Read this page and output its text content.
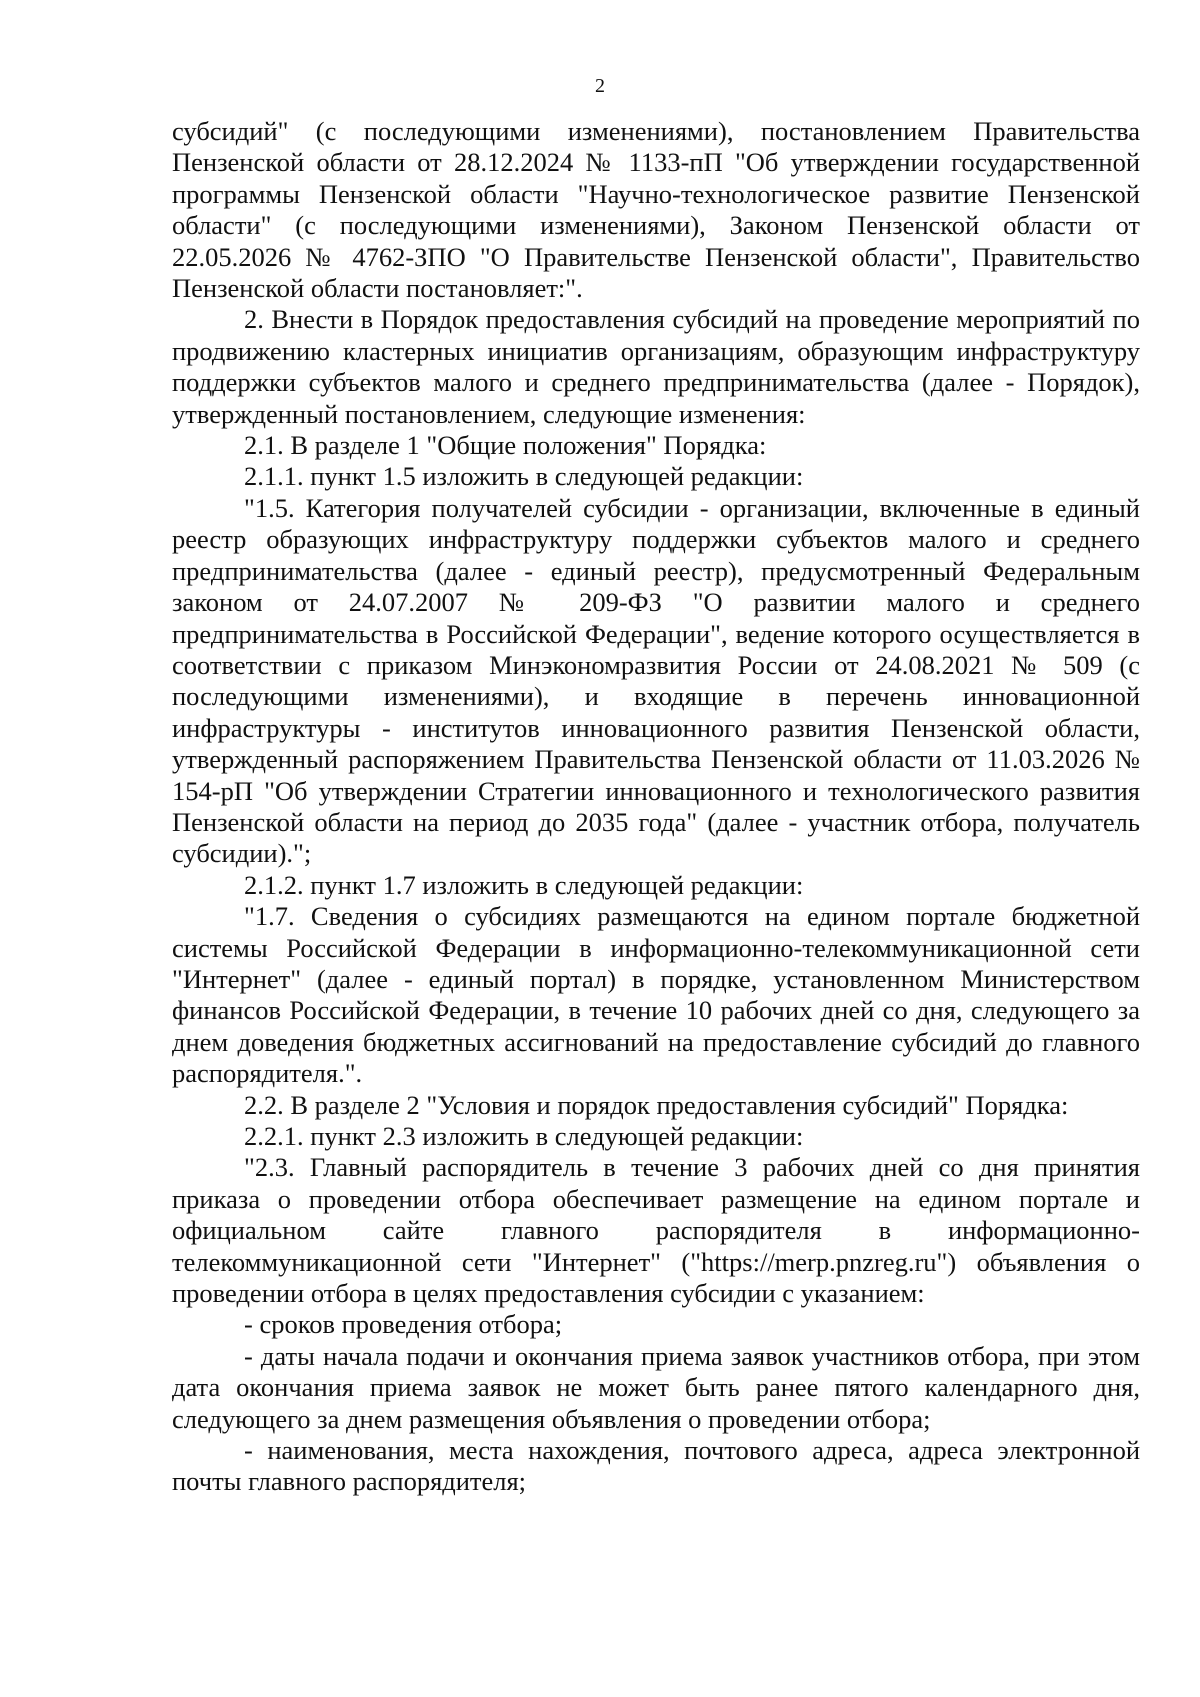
2

субсидий" (с последующими изменениями), постановлением Правительства Пензенской области от 28.12.2024 № 1133-пП "Об утверждении государственной программы Пензенской области "Научно-технологическое развитие Пензенской области" (с последующими изменениями), Законом Пензенской области от 22.05.2026 № 4762-ЗПО "О Правительстве Пензенской области", Правительство Пензенской области постановляет:".

2. Внести в Порядок предоставления субсидий на проведение мероприятий по продвижению кластерных инициатив организациям, образующим инфраструктуру поддержки субъектов малого и среднего предпринимательства (далее - Порядок), утвержденный постановлением, следующие изменения:

2.1. В разделе 1 "Общие положения" Порядка:

2.1.1. пункт 1.5 изложить в следующей редакции:

"1.5. Категория получателей субсидии - организации, включенные в единый реестр образующих инфраструктуру поддержки субъектов малого и среднего предпринимательства (далее - единый реестр), предусмотренный Федеральным законом от 24.07.2007 № 209-ФЗ "О развитии малого и среднего предпринимательства в Российской Федерации", ведение которого осуществляется в соответствии с приказом Минэкономразвития России от 24.08.2021 № 509 (с последующими изменениями), и входящие в перечень инновационной инфраструктуры - институтов инновационного развития Пензенской области, утвержденный распоряжением Правительства Пензенской области от 11.03.2026 № 154-рП "Об утверждении Стратегии инновационного и технологического развития Пензенской области на период до 2035 года" (далее - участник отбора, получатель субсидии).";

2.1.2. пункт 1.7 изложить в следующей редакции:

"1.7. Сведения о субсидиях размещаются на едином портале бюджетной системы Российской Федерации в информационно-телекоммуникационной сети "Интернет" (далее - единый портал) в порядке, установленном Министерством финансов Российской Федерации, в течение 10 рабочих дней со дня, следующего за днем доведения бюджетных ассигнований на предоставление субсидий до главного распорядителя.".

2.2. В разделе 2 "Условия и порядок предоставления субсидий" Порядка:

2.2.1. пункт 2.3 изложить в следующей редакции:

"2.3. Главный распорядитель в течение 3 рабочих дней со дня принятия приказа о проведении отбора обеспечивает размещение на едином портале и официальном сайте главного распорядителя в информационно-телекоммуникационной сети "Интернет" ("https://merp.pnzreg.ru") объявления о проведении отбора в целях предоставления субсидии с указанием:

- сроков проведения отбора;

- даты начала подачи и окончания приема заявок участников отбора, при этом дата окончания приема заявок не может быть ранее пятого календарного дня, следующего за днем размещения объявления о проведении отбора;

- наименования, места нахождения, почтового адреса, адреса электронной почты главного распорядителя;
